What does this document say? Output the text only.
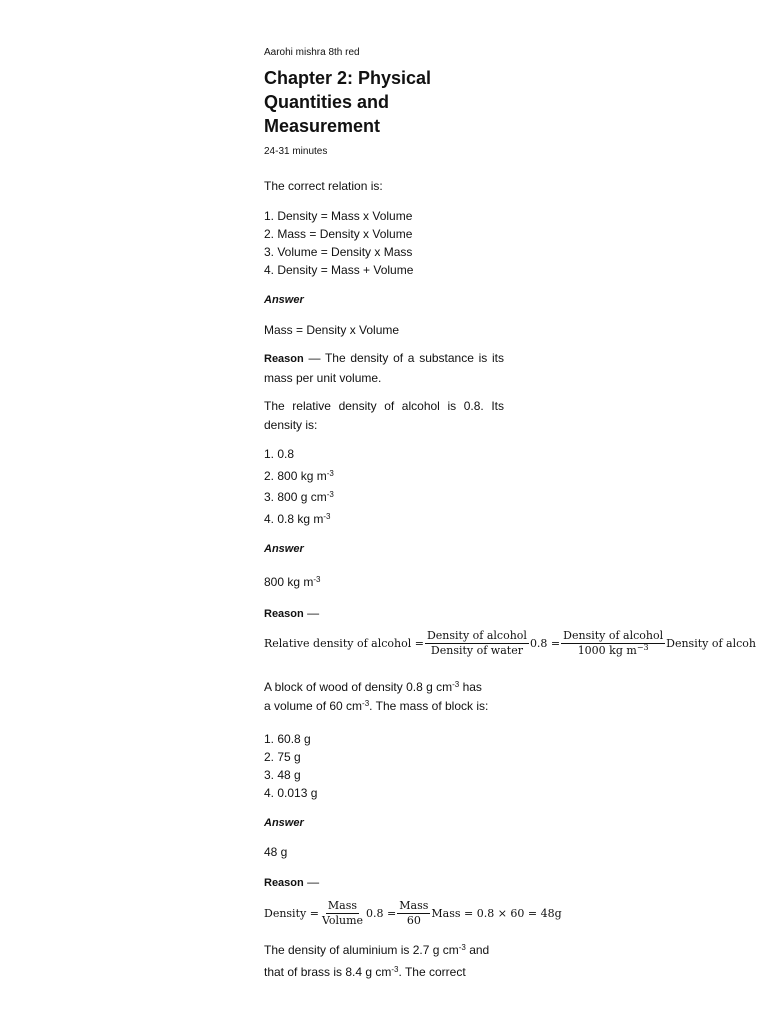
Aarohi mishra 8th red
Chapter 2: Physical Quantities and Measurement
24-31 minutes
The correct relation is:
1. Density = Mass x Volume
2. Mass = Density x Volume
3. Volume = Density x Mass
4. Density = Mass + Volume
Answer
Mass = Density x Volume
Reason — The density of a substance is its mass per unit volume.
The relative density of alcohol is 0.8. Its density is:
1. 0.8
2. 800 kg $m^{-3}$
3. 800 g $cm^{-3}$
4. 0.8 kg $m^{-3}$
Answer
800 kg $m^{-3}$
Reason —
Relative density of alcohol = $\frac{\text{Density of alcohol}}{\text{Density of water}} 0.8 = \frac{\text{Density of alcohol}}{1000 kg m^{-3}}$ Density of alcoh
A block of wood of density 0.8 g $cm^{-3}$ has
a volume of 60 $cm^{-3}$. The mass of block is:
1. 60.8 g
2. 75 g
3. 48 g
4. 0.013 g
Answer
48 g
Reason —
Density = $\frac{\text{Mass}}{\text{Volume}} 0.8 = \frac{\text{Mass}}{60}$ Mass = 0.8 × 60 = 48g
The density of aluminium is 2.7 g $cm^{-3}$ and
that of brass is 8.4 g $cm^{-3}$. The correct
